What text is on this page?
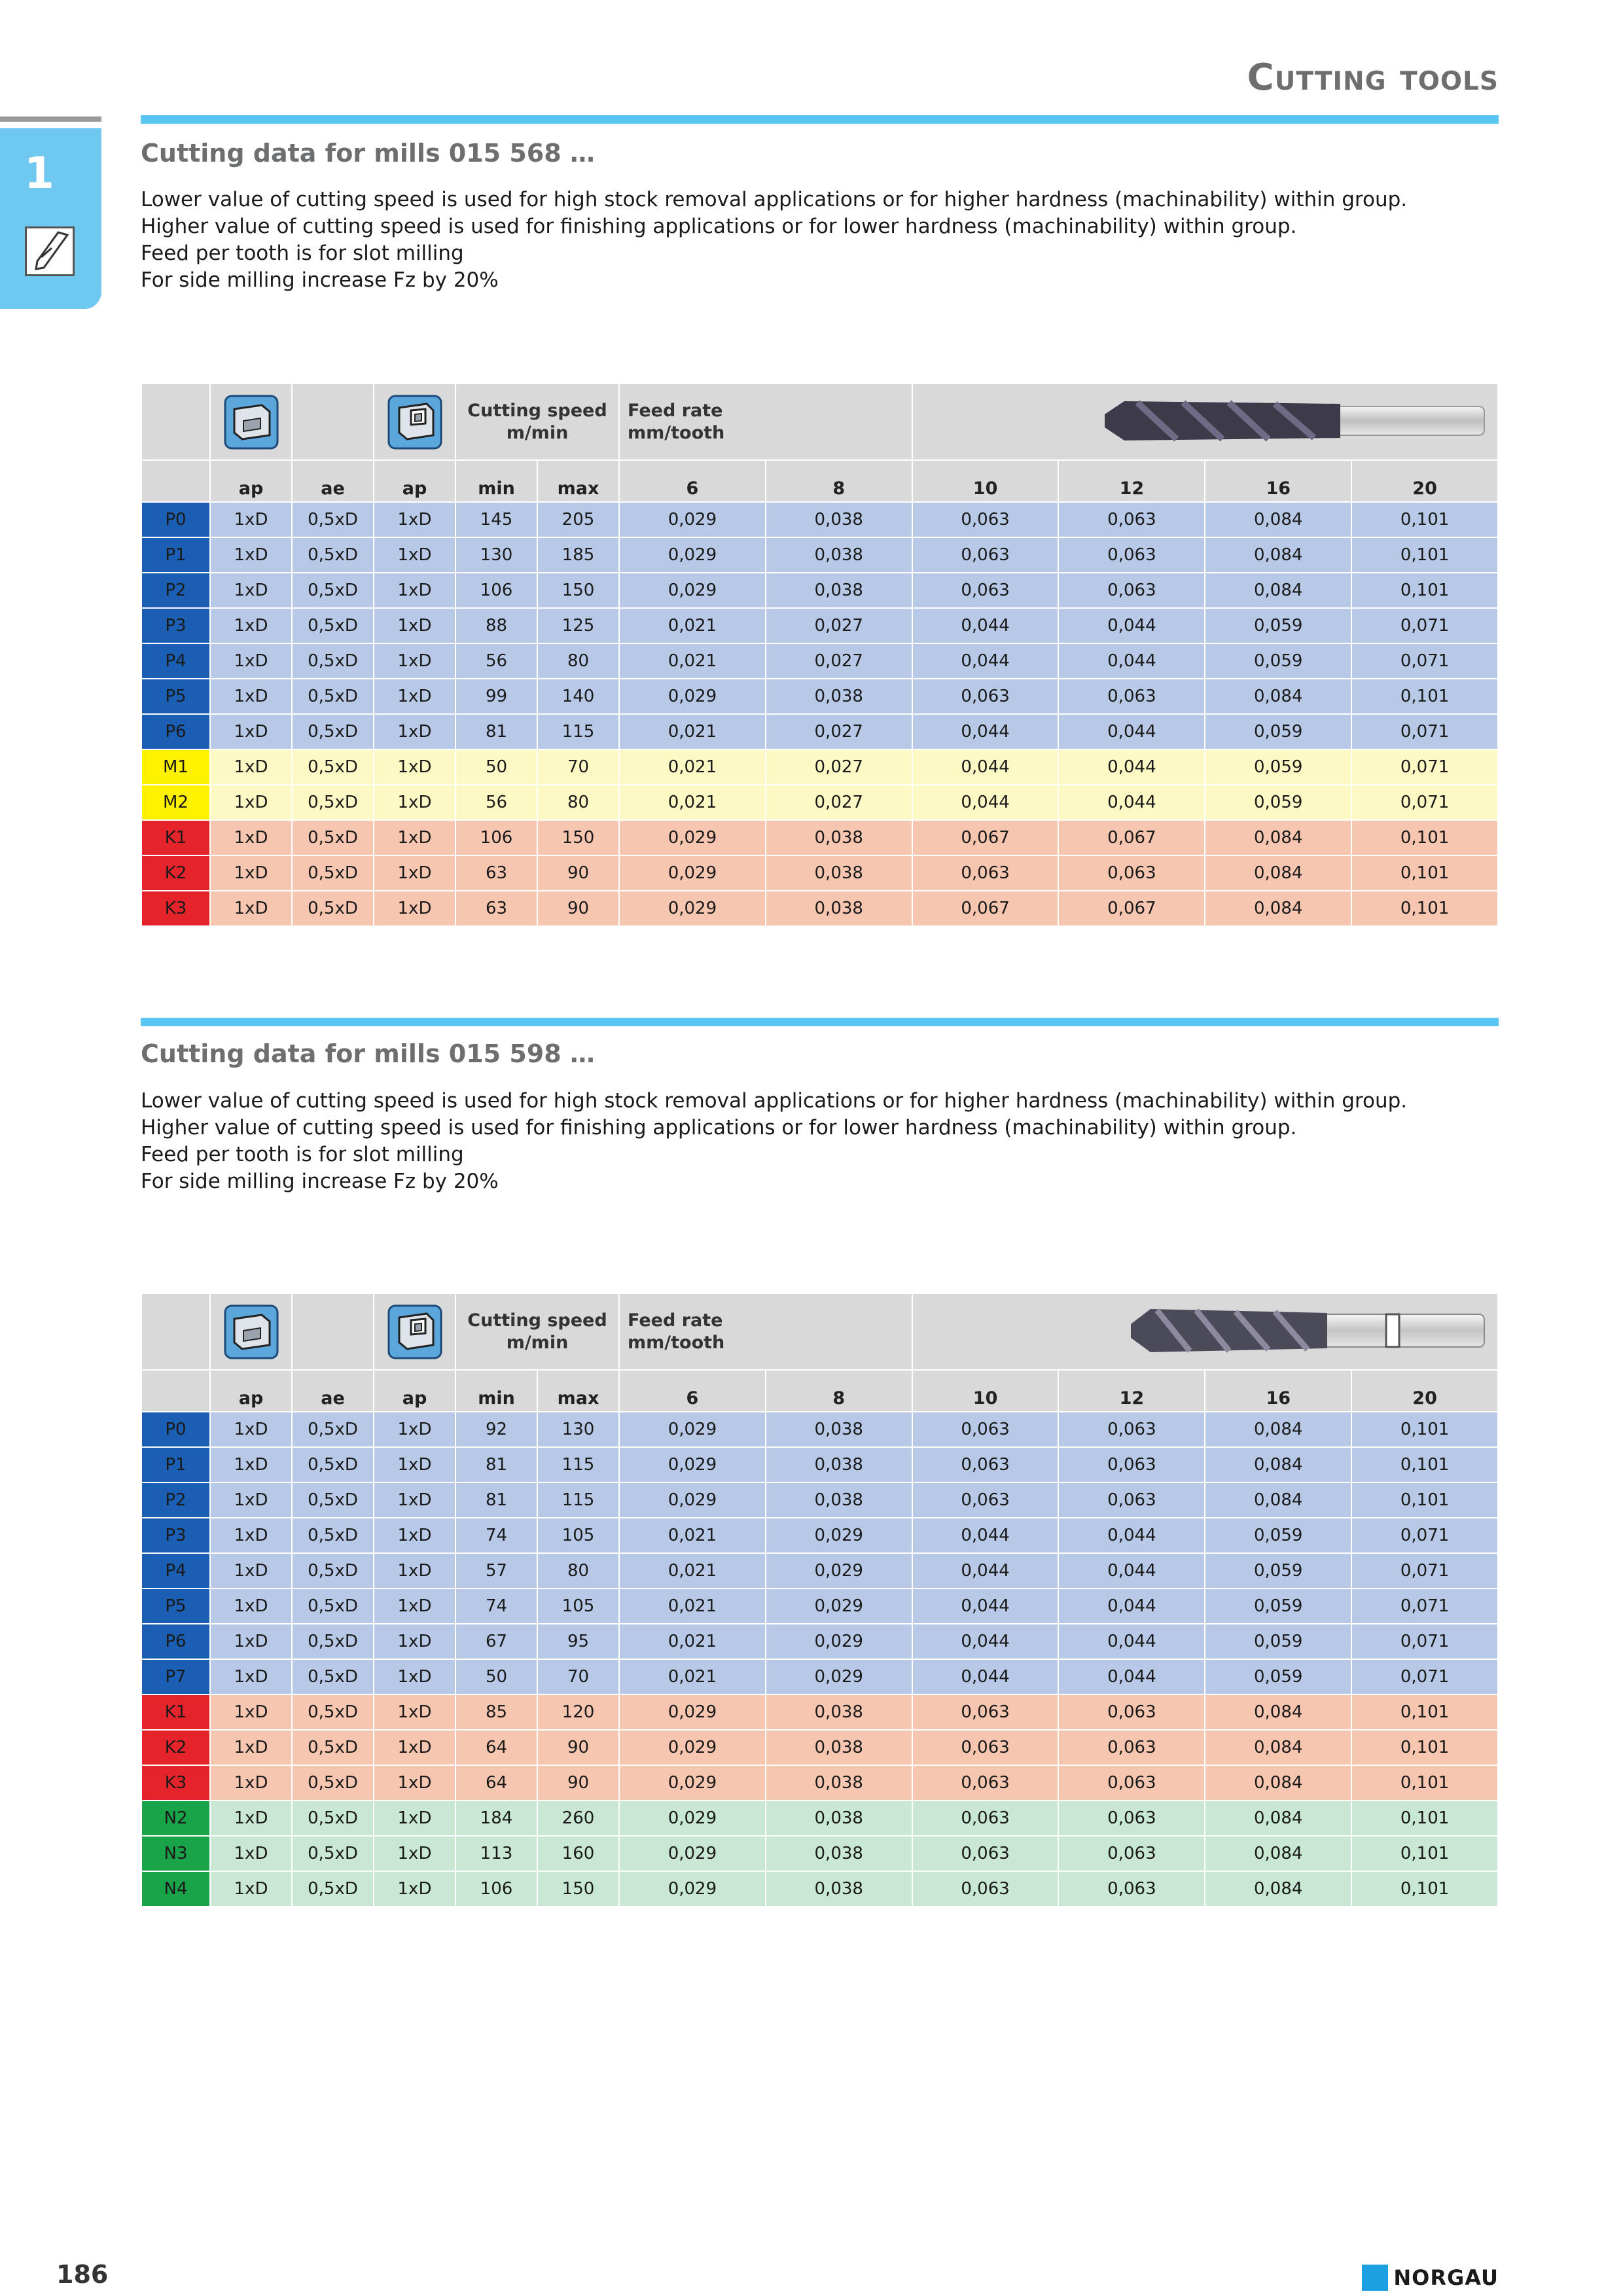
Cutting tools
1	Cutting data for mills 015 568 …
Lower value of cutting speed is used for high stock removal applications or for higher hardness (machinability) within group.
Higher value of cutting speed is used for finishing applications or for lower hardness (machinability) within group.
Feed per tooth is for slot milling
For side milling increase Fz by 20%
				Cutting speed
m/min		Feed rate
mm/tooth	
	ap	ae	ap	min	max	6	8	10	12	16	20
P0	1xD	0,5xD	1xD	145	205	0,029	0,038	0,063	0,063	0,084	0,101
P1	1xD	0,5xD	1xD	130	185	0,029	0,038	0,063	0,063	0,084	0,101
P2	1xD	0,5xD	1xD	106	150	0,029	0,038	0,063	0,063	0,084	0,101
P3	1xD	0,5xD	1xD	88	125	0,021	0,027	0,044	0,044	0,059	0,071
P4	1xD	0,5xD	1xD	56	80	0,021	0,027	0,044	0,044	0,059	0,071
P5	1xD	0,5xD	1xD	99	140	0,029	0,038	0,063	0,063	0,084	0,101
P6	1xD	0,5xD	1xD	81	115	0,021	0,027	0,044	0,044	0,059	0,071
M1	1xD	0,5xD	1xD	50	70	0,021	0,027	0,044	0,044	0,059	0,071
M2	1xD	0,5xD	1xD	56	80	0,021	0,027	0,044	0,044	0,059	0,071
K1	1xD	0,5xD	1xD	106	150	0,029	0,038	0,067	0,067	0,084	0,101
K2	1xD	0,5xD	1xD	63	90	0,029	0,038	0,063	0,063	0,084	0,101
K3	1xD	0,5xD	1xD	63	90	0,029	0,038	0,067	0,067	0,084	0,101
Cutting data for mills 015 598 …
Lower value of cutting speed is used for high stock removal applications or for higher hardness (machinability) within group.
Higher value of cutting speed is used for finishing applications or for lower hardness (machinability) within group.
Feed per tooth is for slot milling
For side milling increase Fz by 20%
				Cutting speed
m/min		Feed rate
mm/tooth	
	ap	ae	ap	min	max	6	8	10	12	16	20
P0	1xD	0,5xD	1xD	92	130	0,029	0,038	0,063	0,063	0,084	0,101
P1	1xD	0,5xD	1xD	81	115	0,029	0,038	0,063	0,063	0,084	0,101
P2	1xD	0,5xD	1xD	81	115	0,029	0,038	0,063	0,063	0,084	0,101
P3	1xD	0,5xD	1xD	74	105	0,021	0,029	0,044	0,044	0,059	0,071
P4	1xD	0,5xD	1xD	57	80	0,021	0,029	0,044	0,044	0,059	0,071
P5	1xD	0,5xD	1xD	74	105	0,021	0,029	0,044	0,044	0,059	0,071
P6	1xD	0,5xD	1xD	67	95	0,021	0,029	0,044	0,044	0,059	0,071
P7	1xD	0,5xD	1xD	50	70	0,021	0,029	0,044	0,044	0,059	0,071
K1	1xD	0,5xD	1xD	85	120	0,029	0,038	0,063	0,063	0,084	0,101
K2	1xD	0,5xD	1xD	64	90	0,029	0,038	0,063	0,063	0,084	0,101
K3	1xD	0,5xD	1xD	64	90	0,029	0,038	0,063	0,063	0,084	0,101
N2	1xD	0,5xD	1xD	184	260	0,029	0,038	0,063	0,063	0,084	0,101
N3	1xD	0,5xD	1xD	113	160	0,029	0,038	0,063	0,063	0,084	0,101
N4	1xD	0,5xD	1xD	106	150	0,029	0,038	0,063	0,063	0,084	0,101
186	NORGAU
